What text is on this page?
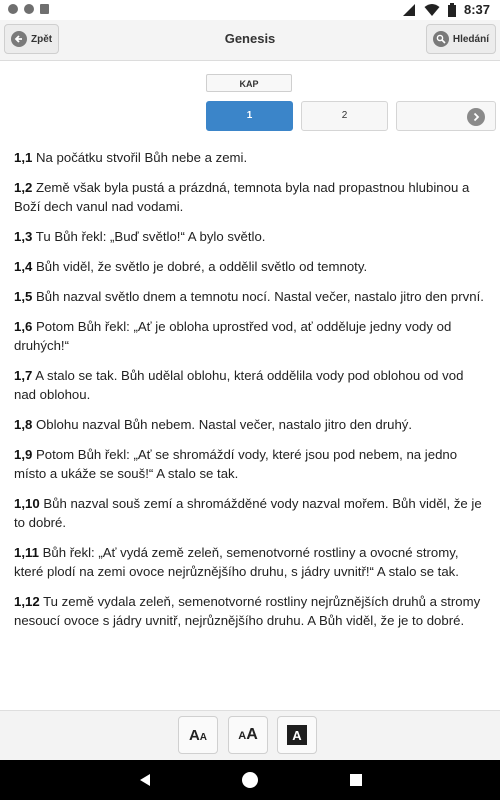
8:37
Zpět	Genesis	Hledání
KAP
1	2

1,1 Na počátku stvořil Bůh nebe a zemi.

1,2 Země však byla pustá a prázdná, temnota byla nad propastnou hlubinou a Boží dech vanul nad vodami.

1,3 Tu Bůh řekl: „Buď světlo!“ A bylo světlo.

1,4 Bůh viděl, že světlo je dobré, a oddělil světlo od temnoty.

1,5 Bůh nazval světlo dnem a temnotu nocí. Nastal večer, nastalo jitro den první.

1,6 Potom Bůh řekl: „Ať je obloha uprostřed vod, ať odděluje jedny vody od druhých!“

1,7 A stalo se tak. Bůh udělal oblohu, která oddělila vody pod oblohou od vod nad oblohou.

1,8 Oblohu nazval Bůh nebem. Nastal večer, nastalo jitro den druhý.

1,9 Potom Bůh řekl: „Ať se shromáždí vody, které jsou pod nebem, na jedno místo a ukáže se souš!“ A stalo se tak.

1,10 Bůh nazval souš zemí a shromážděné vody nazval mořem. Bůh viděl, že je to dobré.

1,11 Bůh řekl: „Ať vydá země zeleň, semenotvorné rostliny a ovocné stromy, které plodí na zemi ovoce nejrůznějšího druhu, s jádry uvnitř!“ A stalo se tak.

1,12 Tu země vydala zeleň, semenotvorné rostliny nejrůznějších druhů a stromy nesoucí ovoce s jádry uvnitř, nejrůznějšího druhu. A Bůh viděl, že je to dobré.

AA	AA	A
